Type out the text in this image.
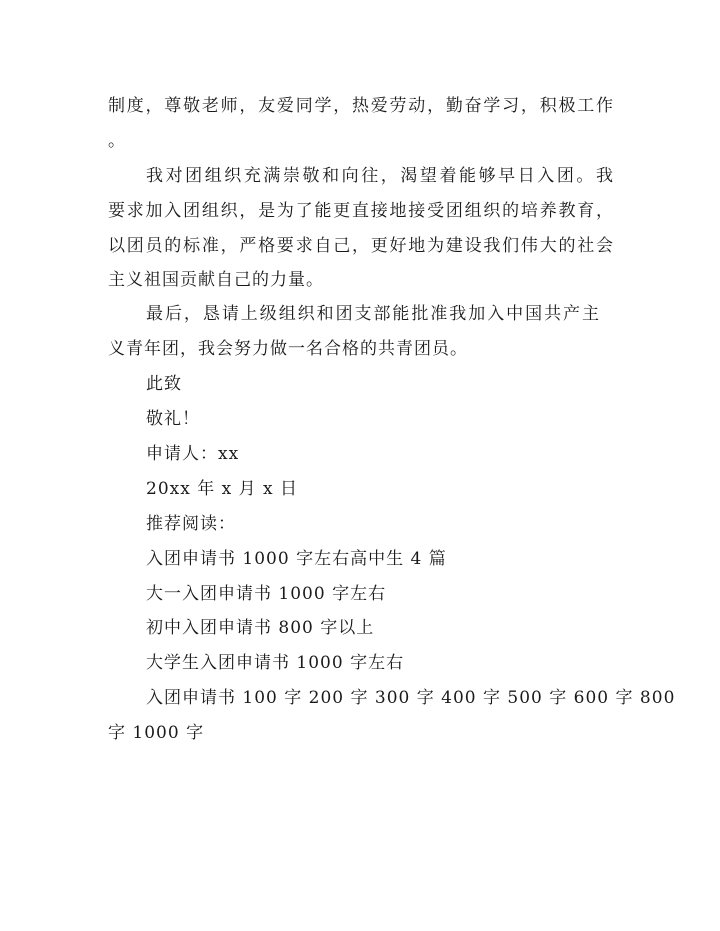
制度，尊敬老师，友爱同学，热爱劳动，勤奋学习，积极工作
。
我对团组织充满崇敬和向往，渴望着能够早日入团。我
要求加入团组织，是为了能更直接地接受团组织的培养教育，
以团员的标准，严格要求自己，更好地为建设我们伟大的社会
主义祖国贡献自己的力量。
最后，恳请上级组织和团支部能批准我加入中国共产主
义青年团，我会努力做一名合格的共青团员。
此致
敬礼！
申请人：xx
20xx 年 x 月 x 日
推荐阅读：
入团申请书 1000 字左右高中生 4 篇
大一入团申请书 1000 字左右
初中入团申请书 800 字以上
大学生入团申请书 1000 字左右
入团申请书 100 字 200 字 300 字 400 字 500 字 600 字 800
字 1000 字
